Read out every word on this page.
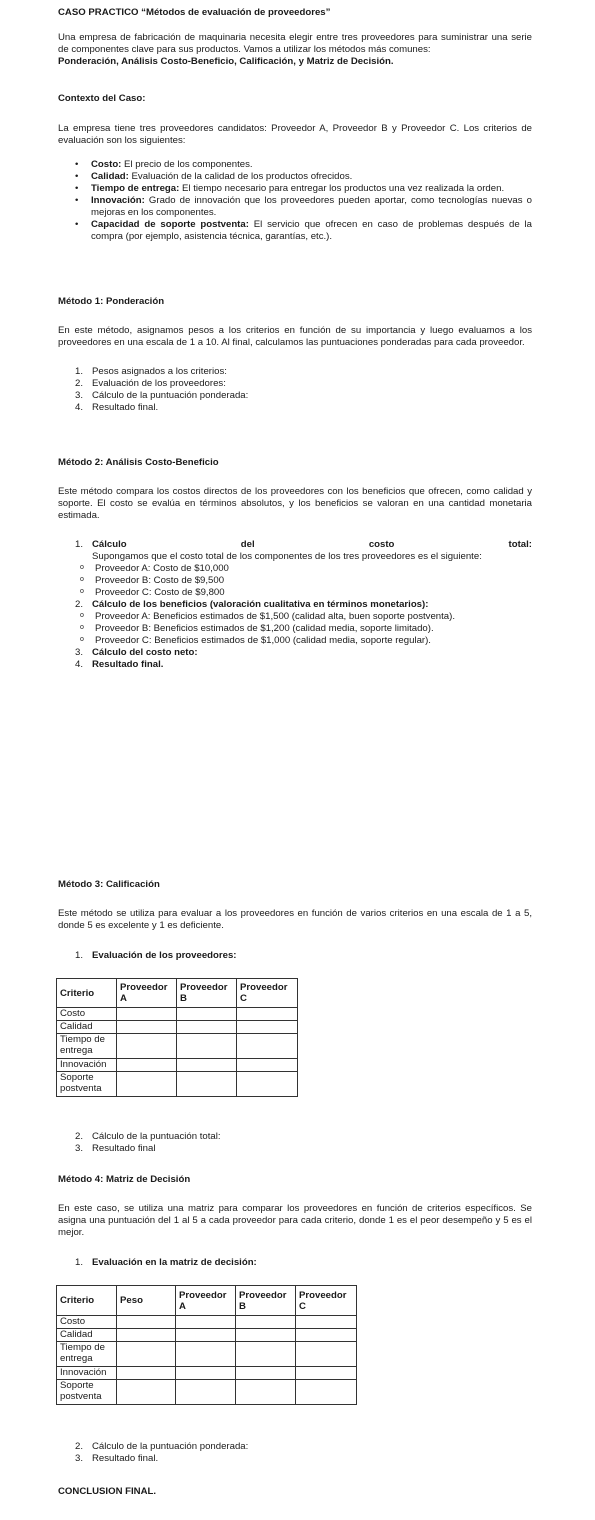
CASO PRACTICO “Métodos de evaluación de proveedores”

Una empresa de fabricación de maquinaria necesita elegir entre tres proveedores para suministrar una serie de componentes clave para sus productos. Vamos a utilizar los métodos más comunes:

Ponderación, Análisis Costo-Beneficio, Calificación, y Matriz de Decisión.

Contexto del Caso:

La empresa tiene tres proveedores candidatos: Proveedor A, Proveedor B y Proveedor C. Los criterios de evaluación son los siguientes:

• Costo: El precio de los componentes.
• Calidad: Evaluación de la calidad de los productos ofrecidos.
• Tiempo de entrega: El tiempo necesario para entregar los productos una vez realizada la orden.
• Innovación: Grado de innovación que los proveedores pueden aportar, como tecnologías nuevas o mejoras en los componentes.
• Capacidad de soporte postventa: El servicio que ofrecen en caso de problemas después de la compra (por ejemplo, asistencia técnica, garantías, etc.).
Método 1: Ponderación

En este método, asignamos pesos a los criterios en función de su importancia y luego evaluamos a los proveedores en una escala de 1 a 10. Al final, calculamos las puntuaciones ponderadas para cada proveedor.

1. Pesos asignados a los criterios:
2. Evaluación de los proveedores:
3. Cálculo de la puntuación ponderada:
4. Resultado final.
Método 2: Análisis Costo-Beneficio

Este método compara los costos directos de los proveedores con los beneficios que ofrecen, como calidad y soporte. El costo se evalúa en términos absolutos, y los beneficios se valoran en una cantidad monetaria estimada.

1. Cálculo	del	costo	total:
Supongamos que el costo total de los componentes de los tres proveedores es el siguiente:
o Proveedor A: Costo de $10,000
o Proveedor B: Costo de $9,500
o Proveedor C: Costo de $9,800
2. Cálculo de los beneficios (valoración cualitativa en términos monetarios):
o Proveedor A: Beneficios estimados de $1,500 (calidad alta, buen soporte postventa).
o Proveedor B: Beneficios estimados de $1,200 (calidad media, soporte limitado).
o Proveedor C: Beneficios estimados de $1,000 (calidad media, soporte regular).
3. Cálculo del costo neto:
4. Resultado final.
Método 3: Calificación

Este método se utiliza para evaluar a los proveedores en función de varios criterios en una escala de 1 a 5, donde 5 es excelente y 1 es deficiente.

1. Evaluación de los proveedores:
Criterio	Proveedor A	Proveedor B	Proveedor C
Costo			
Calidad			
Tiempo de entrega			
Innovación			
Soporte postventa			
2. Cálculo de la puntuación total:
3. Resultado final
Método 4: Matriz de Decisión

En este caso, se utiliza una matriz para comparar los proveedores en función de criterios específicos. Se asigna una puntuación del 1 al 5 a cada proveedor para cada criterio, donde 1 es el peor desempeño y 5 es el mejor.

1. Evaluación en la matriz de decisión:
Criterio	Peso	Proveedor A	Proveedor B	Proveedor C
Costo				
Calidad				
Tiempo de entrega				
Innovación				
Soporte postventa				
2. Cálculo de la puntuación ponderada:
3. Resultado final.
CONCLUSION FINAL.
